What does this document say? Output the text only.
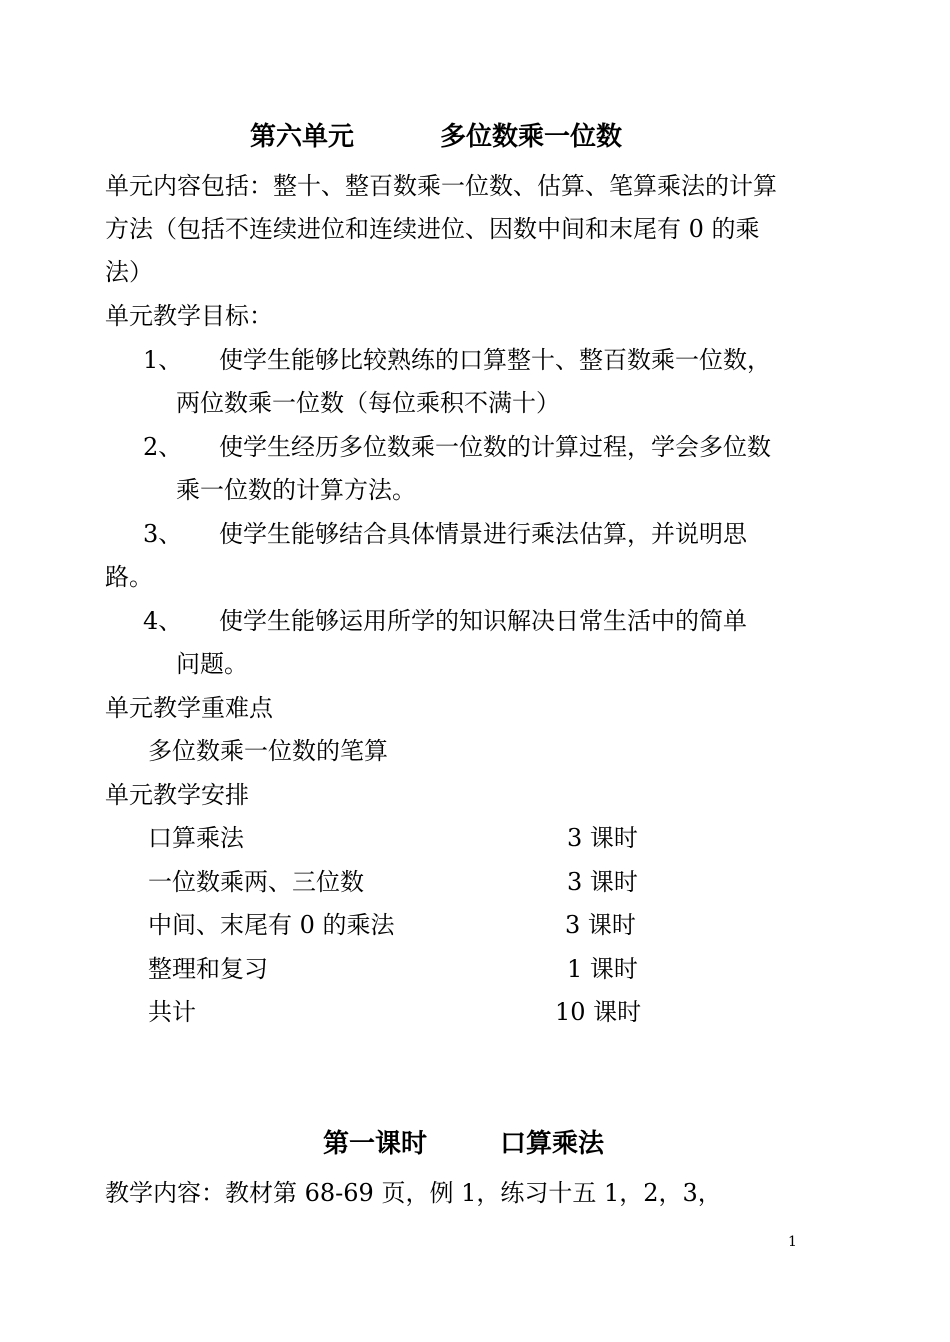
第六单元	多位数乘一位数
单元内容包括：整十、整百数乘一位数、估算、笔算乘法的计算
方法（包括不连续进位和连续进位、因数中间和末尾有 0 的乘
法）
单元教学目标：
1、 使学生能够比较熟练的口算整十、整百数乘一位数，
两位数乘一位数（每位乘积不满十）
2、 使学生经历多位数乘一位数的计算过程，学会多位数
乘一位数的计算方法。
3、 使学生能够结合具体情景进行乘法估算，并说明思
路。
4、 使学生能够运用所学的知识解决日常生活中的简单
问题。
单元教学重难点
多位数乘一位数的笔算
单元教学安排
口算乘法	3 课时
一位数乘两、三位数	3 课时
中间、末尾有 0 的乘法	3 课时
整理和复习	1 课时
共计	10 课时
第一课时	口算乘法
教学内容：教材第 68-69 页，例 1，练习十五 1，2，3，
1
